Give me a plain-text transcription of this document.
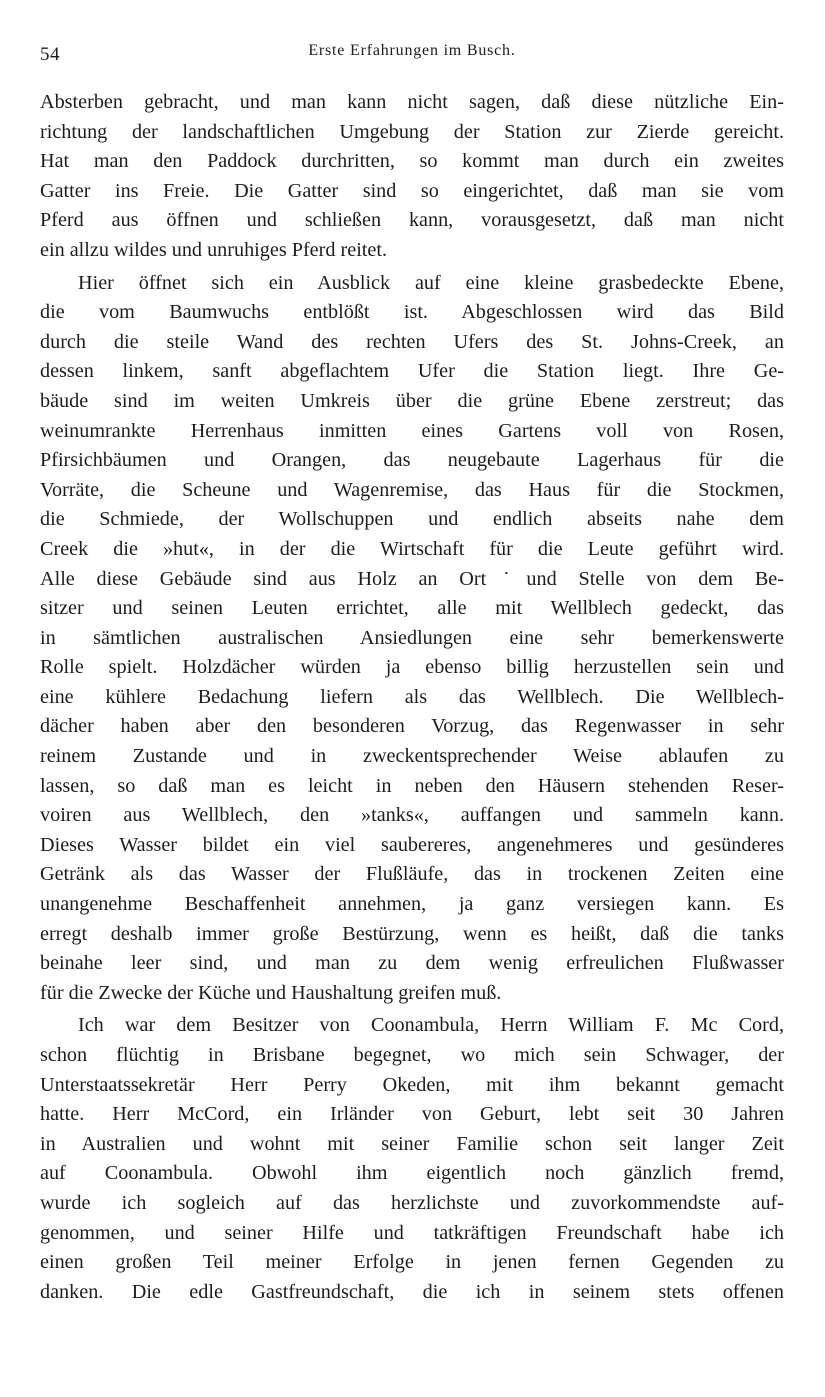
54	Erste Erfahrungen im Busch.
Absterben gebracht, und man kann nicht sagen, daß diese nützliche Ein-
richtung der landschaftlichen Umgebung der Station zur Zierde gereicht.
Hat man den Paddock durchritten, so kommt man durch ein zweites
Gatter ins Freie. Die Gatter sind so eingerichtet, daß man sie vom
Pferd aus öffnen und schließen kann, vorausgesetzt, daß man nicht
ein allzu wildes und unruhiges Pferd reitet.
Hier öffnet sich ein Ausblick auf eine kleine grasbedeckte Ebene,
die vom Baumwuchs entblößt ist. Abgeschlossen wird das Bild
durch die steile Wand des rechten Ufers des St. Johns-Creek, an
dessen linkem, sanft abgeflachtem Ufer die Station liegt. Ihre Ge-
bäude sind im weiten Umkreis über die grüne Ebene zerstreut; das
weinumrankte Herrenhaus inmitten eines Gartens voll von Rosen,
Pfirsichbäumen und Orangen, das neugebaute Lagerhaus für die
Vorräte, die Scheune und Wagenremise, das Haus für die Stockmen,
die Schmiede, der Wollschuppen und endlich abseits nahe dem
Creek die »hut«, in der die Wirtschaft für die Leute geführt wird.
Alle diese Gebäude sind aus Holz an Ort˙und Stelle von dem Be-
sitzer und seinen Leuten errichtet, alle mit Wellblech gedeckt, das
in sämtlichen australischen Ansiedlungen eine sehr bemerkenswerte
Rolle spielt. Holzdächer würden ja ebenso billig herzustellen sein und
eine kühlere Bedachung liefern als das Wellblech. Die Wellblech-
dächer haben aber den besonderen Vorzug, das Regenwasser in sehr
reinem Zustande und in zweckentsprechender Weise ablaufen zu
lassen, so daß man es leicht in neben den Häusern stehenden Reser-
voiren aus Wellblech, den »tanks«, auffangen und sammeln kann.
Dieses Wasser bildet ein viel saubereres, angenehmeres und gesünderes
Getränk als das Wasser der Flußläufe, das in trockenen Zeiten eine
unangenehme Beschaffenheit annehmen, ja ganz versiegen kann. Es
erregt deshalb immer große Bestürzung, wenn es heißt, daß die tanks
beinahe leer sind, und man zu dem wenig erfreulichen Flußwasser
für die Zwecke der Küche und Haushaltung greifen muß.
Ich war dem Besitzer von Coonambula, Herrn William F. Mc Cord,
schon flüchtig in Brisbane begegnet, wo mich sein Schwager, der
Unterstaatssekretär Herr Perry Okeden, mit ihm bekannt gemacht
hatte. Herr McCord, ein Irländer von Geburt, lebt seit 30 Jahren
in Australien und wohnt mit seiner Familie schon seit langer Zeit
auf Coonambula. Obwohl ihm eigentlich noch gänzlich fremd,
wurde ich sogleich auf das herzlichste und zuvorkommendste auf-
genommen, und seiner Hilfe und tatkräftigen Freundschaft habe ich
einen großen Teil meiner Erfolge in jenen fernen Gegenden zu
danken. Die edle Gastfreundschaft, die ich in seinem stets offenen
